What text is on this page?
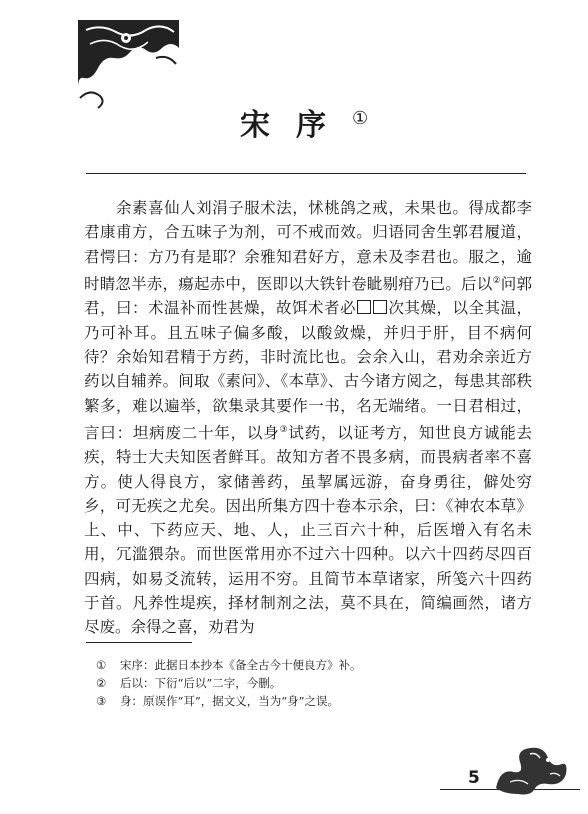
宋序①

余素喜仙人刘涓子服术法，怵桃鸽之戒，未果也。得成都李君康甫方，合五味子为剂，可不戒而效。归语同舍生郭君履道，君愕曰：方乃有是耶？余雅知君好方，意未及李君也。服之，逾时睛忽半赤，瘍起赤中，医即以大铁针卷眦剔疳乃已。后以②问郭君，曰：术温补而性甚燥，故饵术者必 次其燥，以全其温，乃可补耳。且五味子偏多酸，以酸敛燥，并归于肝，目不病何待？余始知君精于方药，非时流比也。会余入山，君劝余亲近方药以自辅养。间取《素问》、《本草》、古今诸方阅之，每患其部秩繁多，难以遍举，欲集录其要作一书，名无端绪。一日君相过，言曰：坦病废二十年，以身③试药，以证考方，知世良方诚能去疾，特士大夫知医者鲜耳。故知方者不畏多病，而畏病者率不喜方。使人得良方，家储善药，虽挈属远游，奋身勇往，僻处穷乡，可无疾之尤矣。因出所集方四十卷本示余，曰：《神农本草》上、中、下药应天、地、人，止三百六十种，后医增入有名未用，冗滥猥杂。而世医常用亦不过六十四种。以六十四药尽四百四病，如易爻流转，运用不穷。且简节本草诸家，所笺六十四药于首。凡养性堤疾，择材制剂之法，莫不具在，简编画然，诸方尽废。余得之喜，劝君为

①	宋序：此据日本抄本《备全古今十便良方》补。
②	后以：下衍“后以”二字，今删。
③	身：原误作“耳”，据文义，当为“身”之误。
5
